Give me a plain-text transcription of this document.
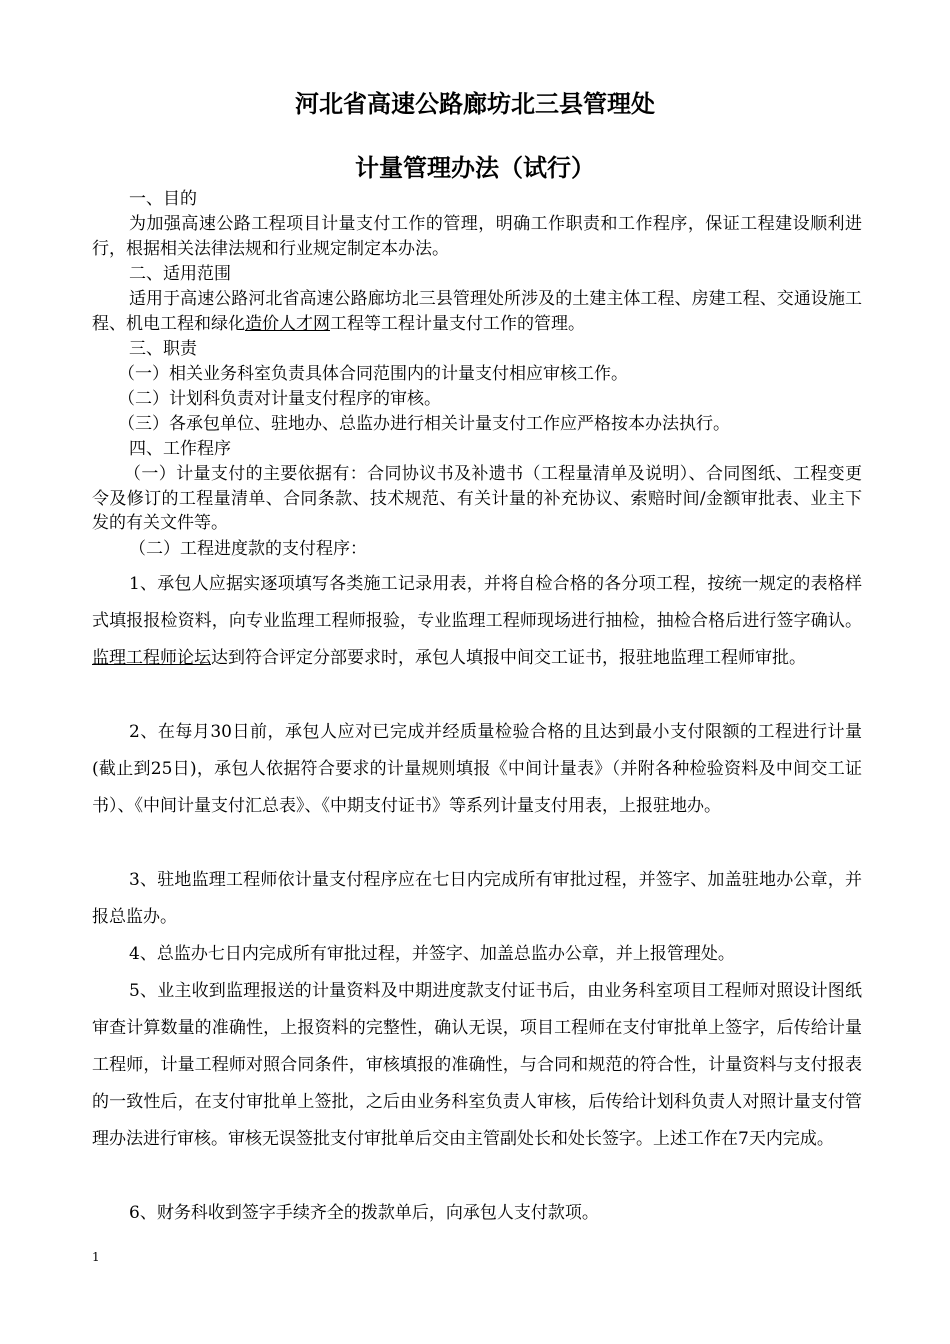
河北省高速公路廊坊北三县管理处
计量管理办法（试行）

一、目的

为加强高速公路工程项目计量支付工作的管理，明确工作职责和工作程序，保证工程建设顺利进行，根据相关法律法规和行业规定制定本办法。

二、适用范围

适用于高速公路河北省高速公路廊坊北三县管理处所涉及的土建主体工程、房建工程、交通设施工程、机电工程和绿化造价人才网工程等工程计量支付工作的管理。

三、职责

（一）相关业务科室负责具体合同范围内的计量支付相应审核工作。

（二）计划科负责对计量支付程序的审核。

（三）各承包单位、驻地办、总监办进行相关计量支付工作应严格按本办法执行。

四、工作程序

（一）计量支付的主要依据有：合同协议书及补遗书（工程量清单及说明）、合同图纸、工程变更令及修订的工程量清单、合同条款、技术规范、有关计量的补充协议、索赔时间/金额审批表、业主下发的有关文件等。

（二）工程进度款的支付程序：

1、承包人应据实逐项填写各类施工记录用表，并将自检合格的各分项工程，按统一规定的表格样式填报报检资料，向专业监理工程师报验，专业监理工程师现场进行抽检，抽检合格后进行签字确认。监理工程师论坛达到符合评定分部要求时，承包人填报中间交工证书，报驻地监理工程师审批。

2、在每月30日前，承包人应对已完成并经质量检验合格的且达到最小支付限额的工程进行计量(截止到25日)，承包人依据符合要求的计量规则填报《中间计量表》（并附各种检验资料及中间交工证书）、《中间计量支付汇总表》、《中期支付证书》等系列计量支付用表，上报驻地办。

3、驻地监理工程师依计量支付程序应在七日内完成所有审批过程，并签字、加盖驻地办公章，并报总监办。

4、总监办七日内完成所有审批过程，并签字、加盖总监办公章，并上报管理处。

5、业主收到监理报送的计量资料及中期进度款支付证书后，由业务科室项目工程师对照设计图纸审查计算数量的准确性，上报资料的完整性，确认无误，项目工程师在支付审批单上签字，后传给计量工程师，计量工程师对照合同条件，审核填报的准确性，与合同和规范的符合性，计量资料与支付报表的一致性后，在支付审批单上签批，之后由业务科室负责人审核，后传给计划科负责人对照计量支付管理办法进行审核。审核无误签批支付审批单后交由主管副处长和处长签字。上述工作在7天内完成。

6、财务科收到签字手续齐全的拨款单后，向承包人支付款项。

1
